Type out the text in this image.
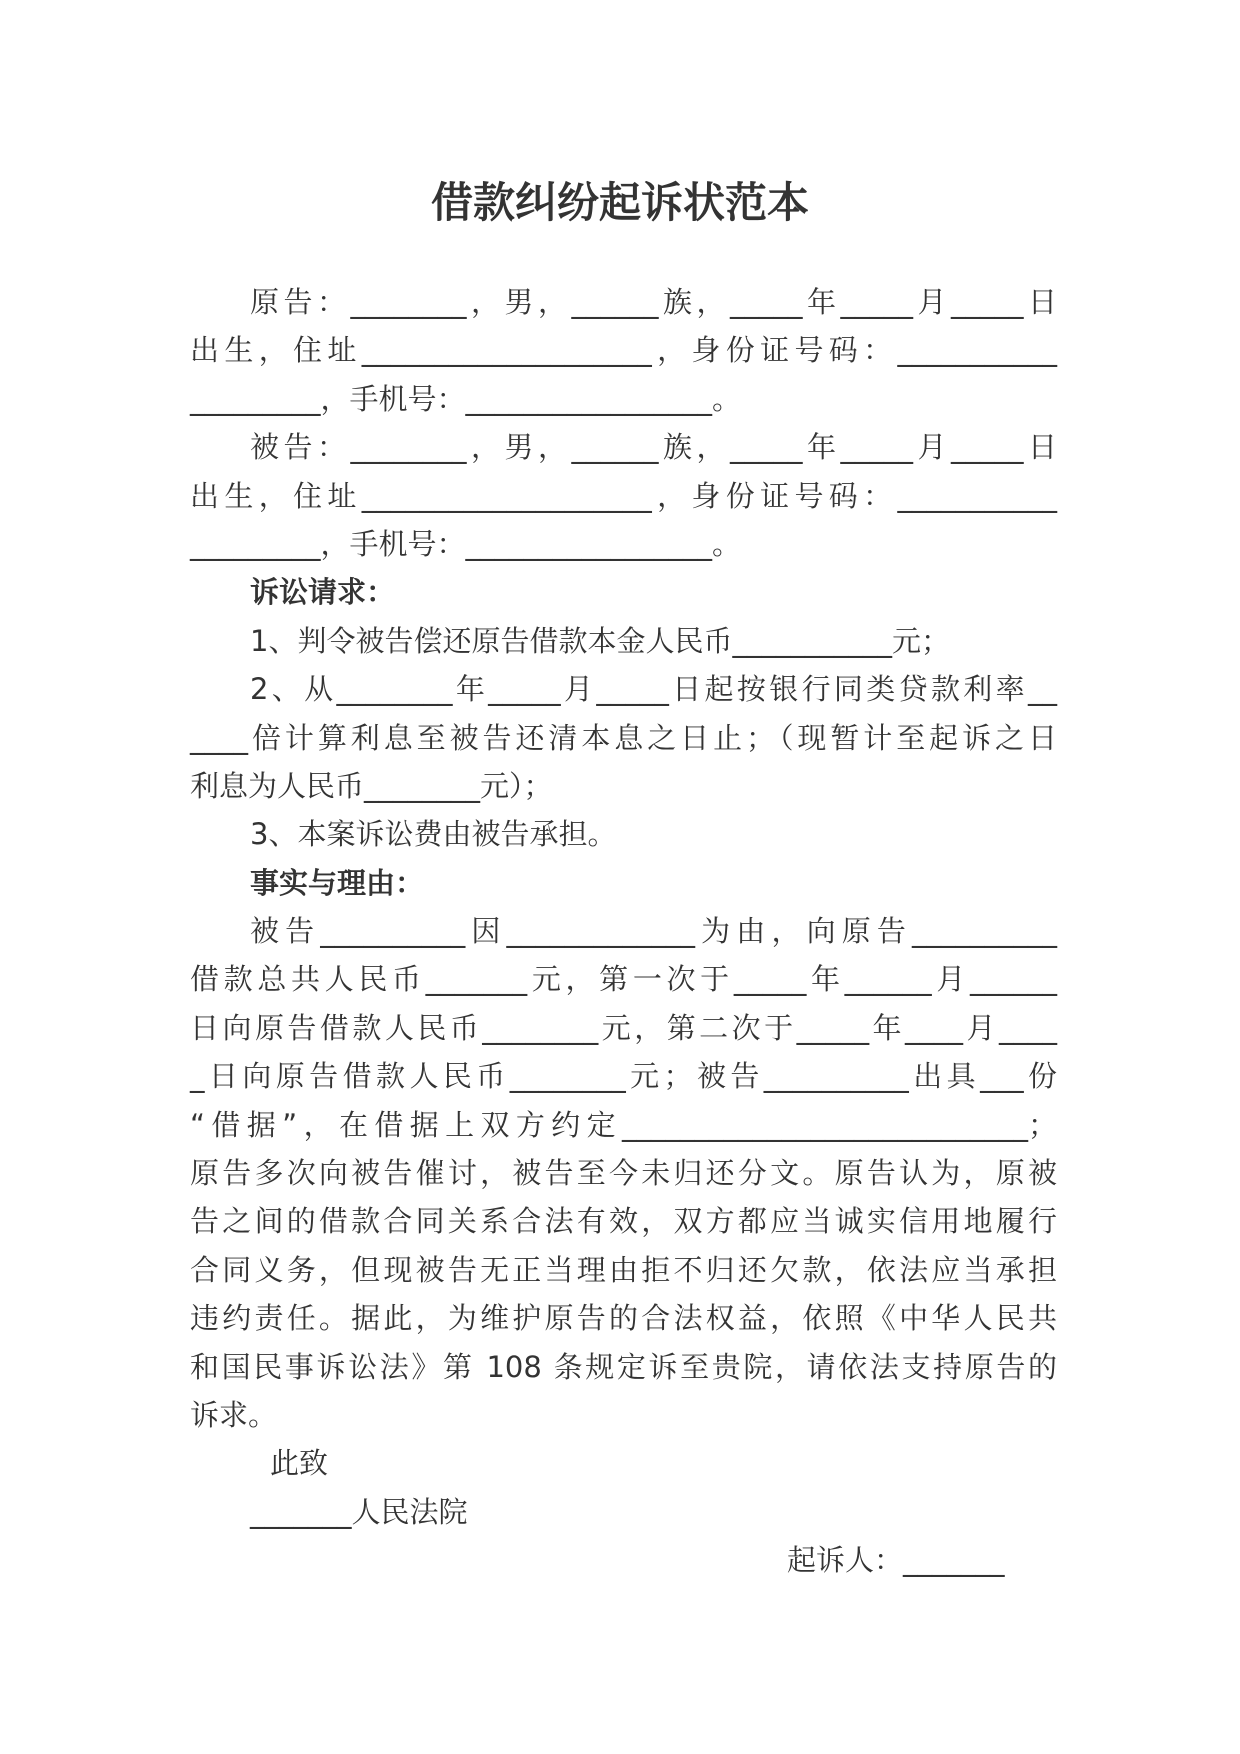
借款纠纷起诉状范本
原告：________，男，______族，_____年_____月_____日
出生，住址____________________，身份证号码：___________
_________，手机号：_________________。
被告：________，男，______族，_____年_____月_____日
出生，住址____________________，身份证号码：___________
_________，手机号：_________________。
诉讼请求：
1、判令被告偿还原告借款本金人民币___________元；
2、从________年_____月_____日起按银行同类贷款利率__
____倍计算利息至被告还清本息之日止；（现暂计至起诉之日
利息为人民币________元）；
3、本案诉讼费由被告承担。
事实与理由：
被告__________因_____________为由，向原告__________
借款总共人民币_______元，第一次于_____年______月______
日向原告借款人民币________元，第二次于_____年____月____
_日向原告借款人民币________元；被告__________出具___份
“借据”，在借据上双方约定____________________________；
原告多次向被告催讨，被告至今未归还分文。原告认为，原被
告之间的借款合同关系合法有效，双方都应当诚实信用地履行
合同义务，但现被告无正当理由拒不归还欠款，依法应当承担
违约责任。据此，为维护原告的合法权益，依照《中华人民共
和国民事诉讼法》第 108 条规定诉至贵院，请依法支持原告的
诉求。
此致
_______人民法院
起诉人：_______
